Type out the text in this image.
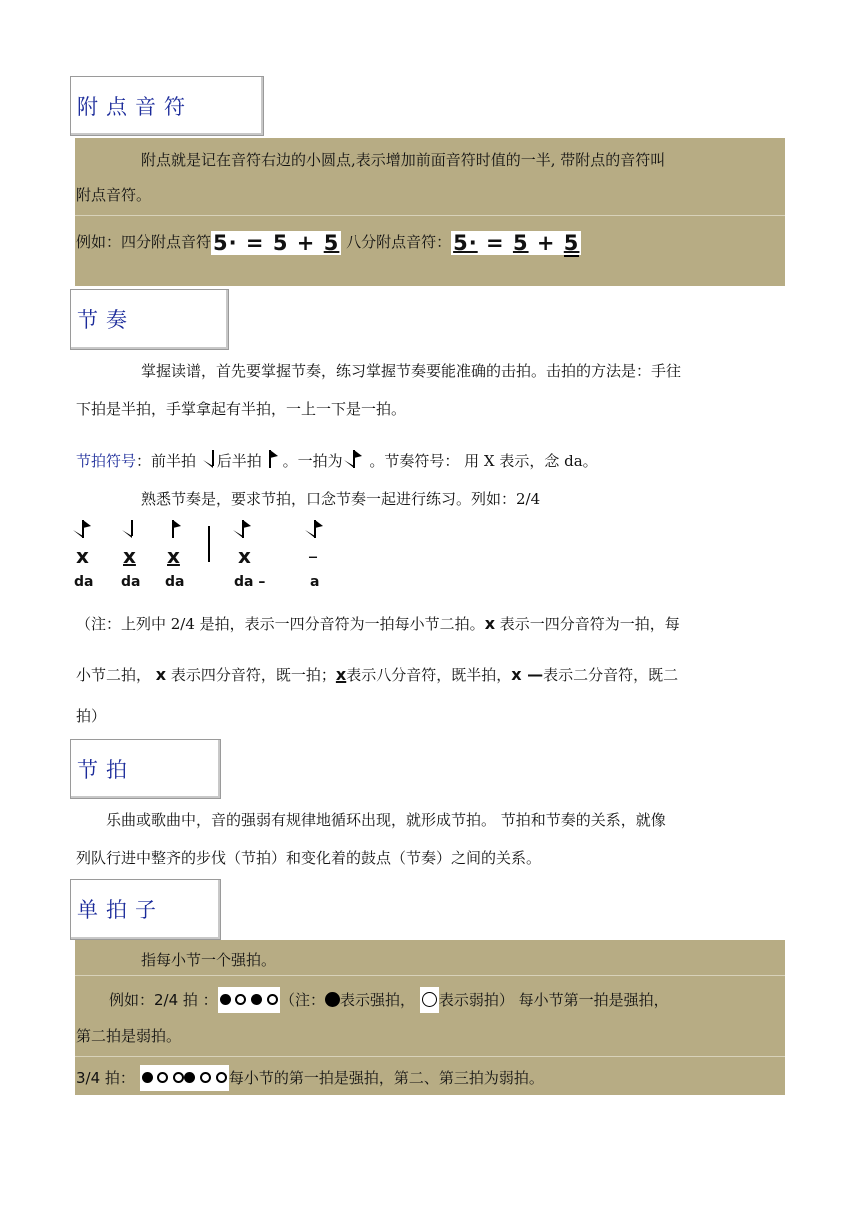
附点音符
附点就是记在音符右边的小圆点,表示增加前面音符时值的一半, 带附点的音符叫
附点音符。
例如：四分附点音符5· = 5 + 5 八分附点音符：5· = 5 + 5
节奏
掌握读谱，首先要掌握节奏，练习掌握节奏要能准确的击拍。击拍的方法是：手往
下拍是半拍，手掌拿起有半拍，一上一下是一拍。
节拍符号：前半拍 后半拍 。一拍为 。节奏符号： 用 X 表示，念 da。
熟悉节奏是，要求节拍，口念节奏一起进行练习。列如：2/4
x x x	x	–
da da da	da –	a
（注：上列中 2/4 是拍，表示一四分音符为一拍每小节二拍。x 表示一四分音符为一拍，每
小节二拍， x 表示四分音符，既一拍；x表示八分音符，既半拍，x —表示二分音符，既二
拍）
节拍
乐曲或歌曲中，音的强弱有规律地循环出现，就形成节拍。 节拍和节奏的关系，就像
列队行进中整齐的步伐（节拍）和变化着的鼓点（节奏）之间的关系。
单拍子
指每小节一个强拍。
例如：2/4 拍 ：	（注： 表示强拍， 表示弱拍） 每小节第一拍是强拍，
第二拍是弱拍。
3/4 拍：	每小节的第一拍是强拍，第二、第三拍为弱拍。
